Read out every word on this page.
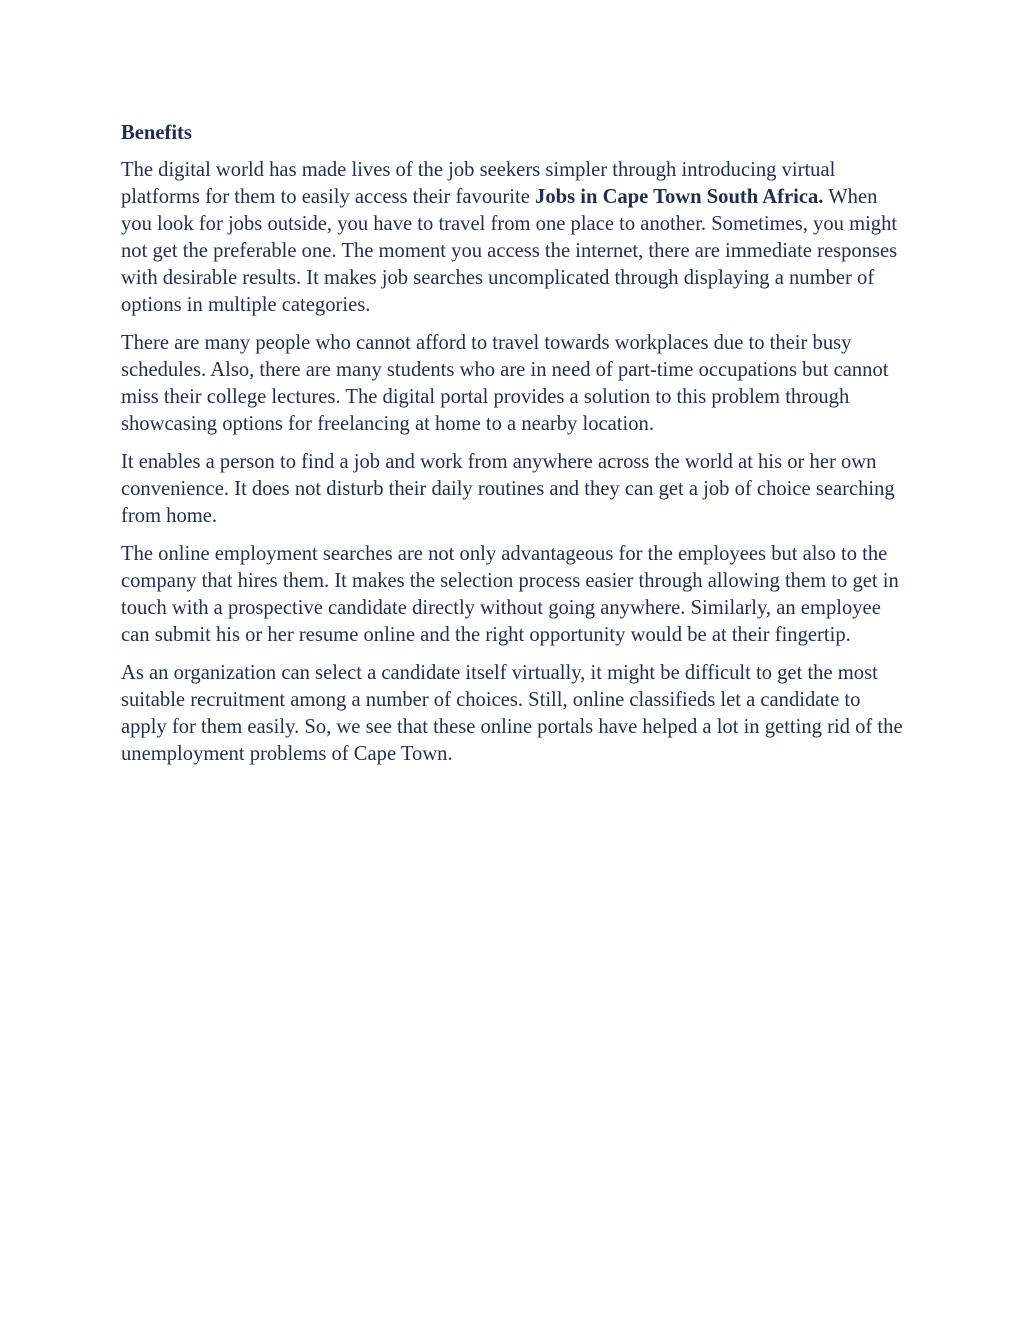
Benefits

The digital world has made lives of the job seekers simpler through introducing virtual platforms for them to easily access their favourite Jobs in Cape Town South Africa. When you look for jobs outside, you have to travel from one place to another. Sometimes, you might not get the preferable one. The moment you access the internet, there are immediate responses with desirable results. It makes job searches uncomplicated through displaying a number of options in multiple categories.

There are many people who cannot afford to travel towards workplaces due to their busy schedules. Also, there are many students who are in need of part-time occupations but cannot miss their college lectures. The digital portal provides a solution to this problem through showcasing options for freelancing at home to a nearby location.

It enables a person to find a job and work from anywhere across the world at his or her own convenience. It does not disturb their daily routines and they can get a job of choice searching from home.

The online employment searches are not only advantageous for the employees but also to the company that hires them. It makes the selection process easier through allowing them to get in touch with a prospective candidate directly without going anywhere. Similarly, an employee can submit his or her resume online and the right opportunity would be at their fingertip.

As an organization can select a candidate itself virtually, it might be difficult to get the most suitable recruitment among a number of choices. Still, online classifieds let a candidate to apply for them easily. So, we see that these online portals have helped a lot in getting rid of the unemployment problems of Cape Town.
